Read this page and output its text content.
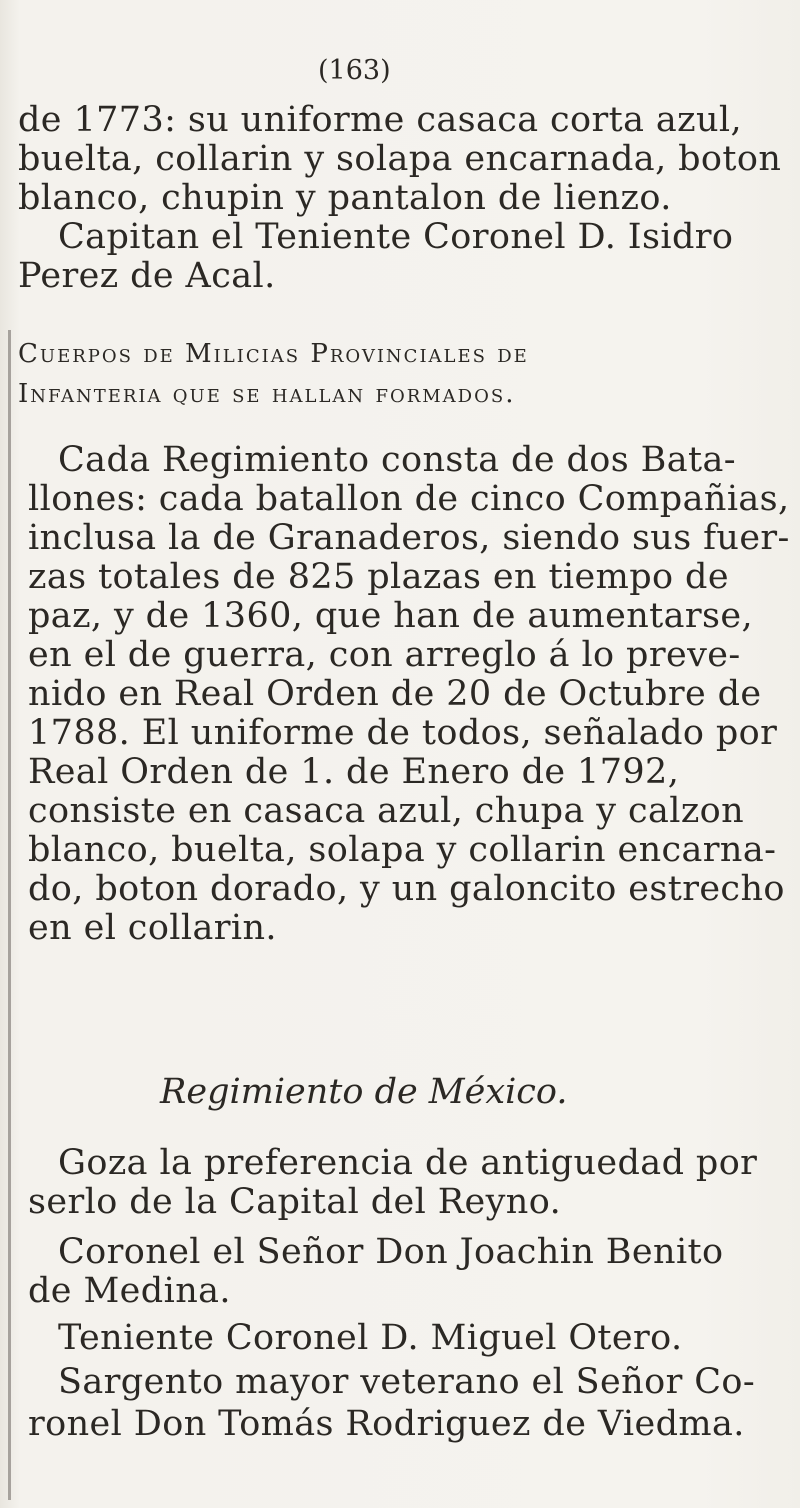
(163)
de 1773: su uniforme casaca corta azul,
buelta, collarin y solapa encarnada, boton
blanco, chupin y pantalon de lienzo.
Capitan el Teniente Coronel D. Isidro
Perez de Acal.
Cuerpos de Milicias Provinciales de
Infanteria que se hallan formados.
Cada Regimiento consta de dos Bata-
llones: cada batallon de cinco Compañias,
inclusa la de Granaderos, siendo sus fuer-
zas totales de 825 plazas en tiempo de
paz, y de 1360, que han de aumentarse,
en el de guerra, con arreglo á lo preve-
nido en Real Orden de 20 de Octubre de
1788. El uniforme de todos, señalado por
Real Orden de 1. de Enero de 1792,
consiste en casaca azul, chupa y calzon
blanco, buelta, solapa y collarin encarna-
do, boton dorado, y un galoncito estrecho
en el collarin.
Regimiento de México.
Goza la preferencia de antiguedad por
serlo de la Capital del Reyno.
Coronel el Señor Don Joachin Benito
de Medina.
Teniente Coronel D. Miguel Otero.
Sargento mayor veterano el Señor Co-
ronel Don Tomás Rodriguez de Viedma.
